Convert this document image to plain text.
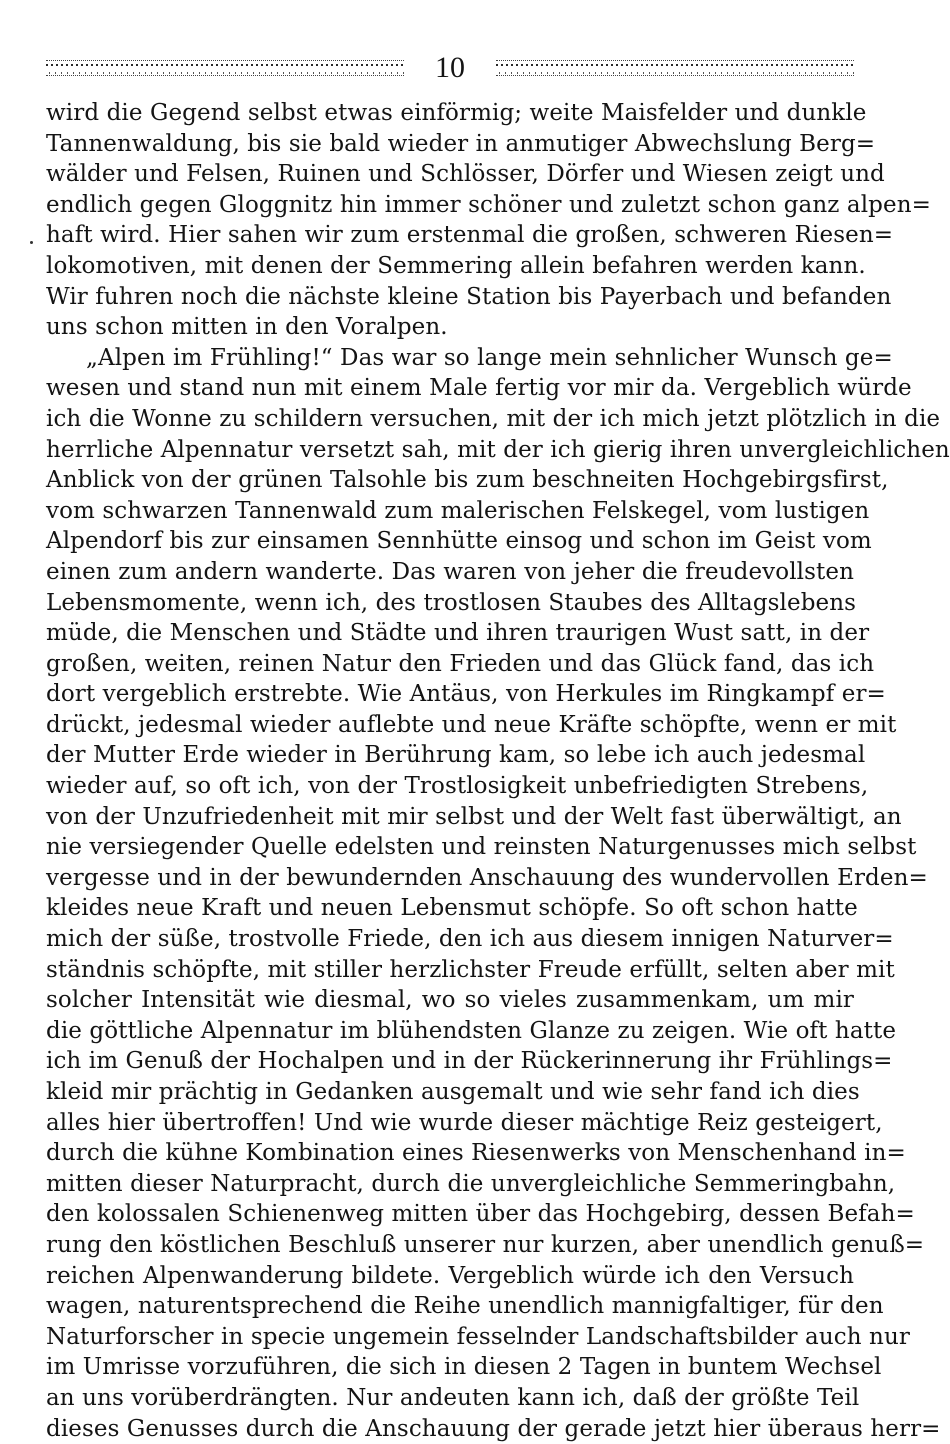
10
wird die Gegend selbst etwas einförmig; weite Maisfelder und dunkle
Tannenwaldung, bis sie bald wieder in anmutiger Abwechslung Berg=
wälder und Felsen, Ruinen und Schlösser, Dörfer und Wiesen zeigt und
endlich gegen Gloggnitz hin immer schöner und zuletzt schon ganz alpen=
haft wird. Hier sahen wir zum erstenmal die großen, schweren Riesen=
lokomotiven, mit denen der Semmering allein befahren werden kann.
Wir fuhren noch die nächste kleine Station bis Payerbach und befanden
uns schon mitten in den Voralpen.
„Alpen im Frühling!“ Das war so lange mein sehnlicher Wunsch ge=
wesen und stand nun mit einem Male fertig vor mir da. Vergeblich würde
ich die Wonne zu schildern versuchen, mit der ich mich jetzt plötzlich in die
herrliche Alpennatur versetzt sah, mit der ich gierig ihren unvergleichlichen
Anblick von der grünen Talsohle bis zum beschneiten Hochgebirgsfirst,
vom schwarzen Tannenwald zum malerischen Felskegel, vom lustigen
Alpendorf bis zur einsamen Sennhütte einsog und schon im Geist vom
einen zum andern wanderte. Das waren von jeher die freudevollsten
Lebensmomente, wenn ich, des trostlosen Staubes des Alltagslebens
müde, die Menschen und Städte und ihren traurigen Wust satt, in der
großen, weiten, reinen Natur den Frieden und das Glück fand, das ich
dort vergeblich erstrebte. Wie Antäus, von Herkules im Ringkampf er=
drückt, jedesmal wieder auflebte und neue Kräfte schöpfte, wenn er mit
der Mutter Erde wieder in Berührung kam, so lebe ich auch jedesmal
wieder auf, so oft ich, von der Trostlosigkeit unbefriedigten Strebens,
von der Unzufriedenheit mit mir selbst und der Welt fast überwältigt, an
nie versiegender Quelle edelsten und reinsten Naturgenusses mich selbst
vergesse und in der bewundernden Anschauung des wundervollen Erden=
kleides neue Kraft und neuen Lebensmut schöpfe. So oft schon hatte
mich der süße, trostvolle Friede, den ich aus diesem innigen Naturver=
ständnis schöpfte, mit stiller herzlichster Freude erfüllt, selten aber mit
solcher Intensität wie diesmal, wo so vieles zusammenkam, um mir
die göttliche Alpennatur im blühendsten Glanze zu zeigen. Wie oft hatte
ich im Genuß der Hochalpen und in der Rückerinnerung ihr Frühlings=
kleid mir prächtig in Gedanken ausgemalt und wie sehr fand ich dies
alles hier übertroffen! Und wie wurde dieser mächtige Reiz gesteigert,
durch die kühne Kombination eines Riesenwerks von Menschenhand in=
mitten dieser Naturpracht, durch die unvergleichliche Semmeringbahn,
den kolossalen Schienenweg mitten über das Hochgebirg, dessen Befah=
rung den köstlichen Beschluß unserer nur kurzen, aber unendlich genuß=
reichen Alpenwanderung bildete. Vergeblich würde ich den Versuch
wagen, naturentsprechend die Reihe unendlich mannigfaltiger, für den
Naturforscher in specie ungemein fesselnder Landschaftsbilder auch nur
im Umrisse vorzuführen, die sich in diesen 2 Tagen in buntem Wechsel
an uns vorüberdrängten. Nur andeuten kann ich, daß der größte Teil
dieses Genusses durch die Anschauung der gerade jetzt hier überaus herr=
